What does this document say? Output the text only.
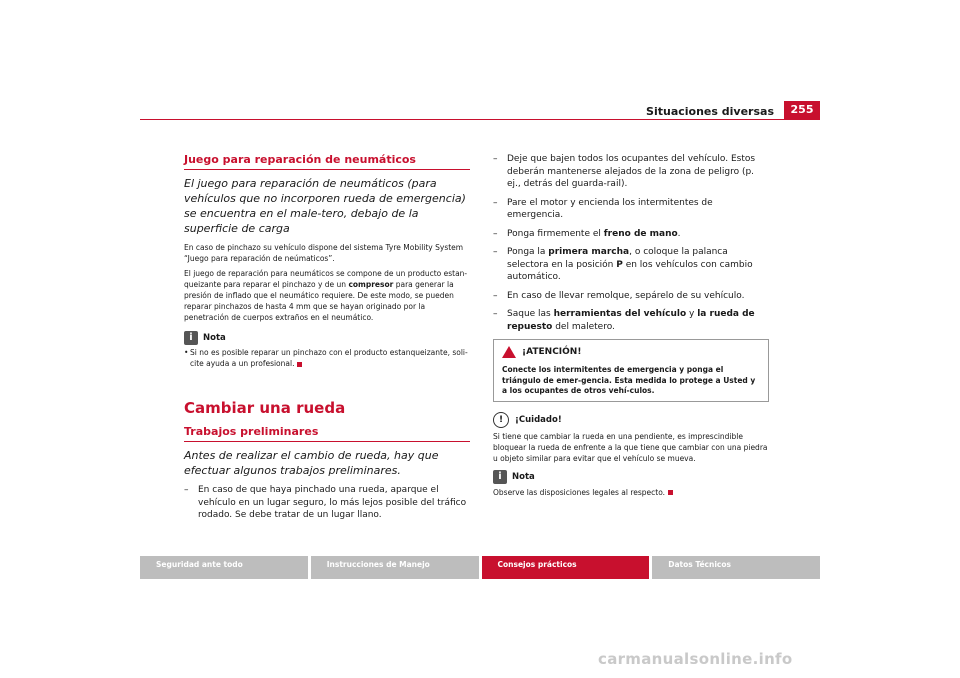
Situaciones diversas	255
Juego para reparación de neumáticos

El juego para reparación de neumáticos (para vehículos que no incorporen rueda de emergencia) se encuentra en el male-tero, debajo de la superficie de carga

En caso de pinchazo su vehículo dispone del sistema Tyre Mobility System “Juego para reparación de neúmaticos”.

El juego de reparación para neumáticos se compone de un producto estan-queizante para reparar el pinchazo y de un compresor para generar la presión de inflado que el neumático requiere. De este modo, se pueden reparar pinchazos de hasta 4 mm que se hayan originado por la penetración de cuerpos extraños en el neumático.

i	Nota
• Si no es posible reparar un pinchazo con el producto estanqueizante, soli-cite ayuda a un profesional.
Cambiar una rueda
Trabajos preliminares

Antes de realizar el cambio de rueda, hay que efectuar algunos trabajos preliminares.

– En caso de que haya pinchado una rueda, aparque el vehículo en un lugar seguro, lo más lejos posible del tráfico rodado. Se debe tratar de un lugar llano.
– Deje que bajen todos los ocupantes del vehículo. Estos deberán mantenerse alejados de la zona de peligro (p. ej., detrás del guarda-rail).
– Pare el motor y encienda los intermitentes de emergencia.
– Ponga firmemente el freno de mano.
– Ponga la primera marcha, o coloque la palanca selectora en la posición P en los vehículos con cambio automático.
– En caso de llevar remolque, sepárelo de su vehículo.
– Saque las herramientas del vehículo y la rueda de repuesto del maletero.
¡ATENCIÓN!
Conecte los intermitentes de emergencia y ponga el triángulo de emer-gencia. Esta medida lo protege a Usted y a los ocupantes de otros vehí-culos.
!	¡Cuidado!

Si tiene que cambiar la rueda en una pendiente, es imprescindible bloquear la rueda de enfrente a la que tiene que cambiar con una piedra u objeto similar para evitar que el vehículo se mueva.

i	Nota

Observe las disposiciones legales al respecto.

Seguridad ante todo	Instrucciones de Manejo	Consejos prácticos	Datos Técnicos
carmanualsonline.info
